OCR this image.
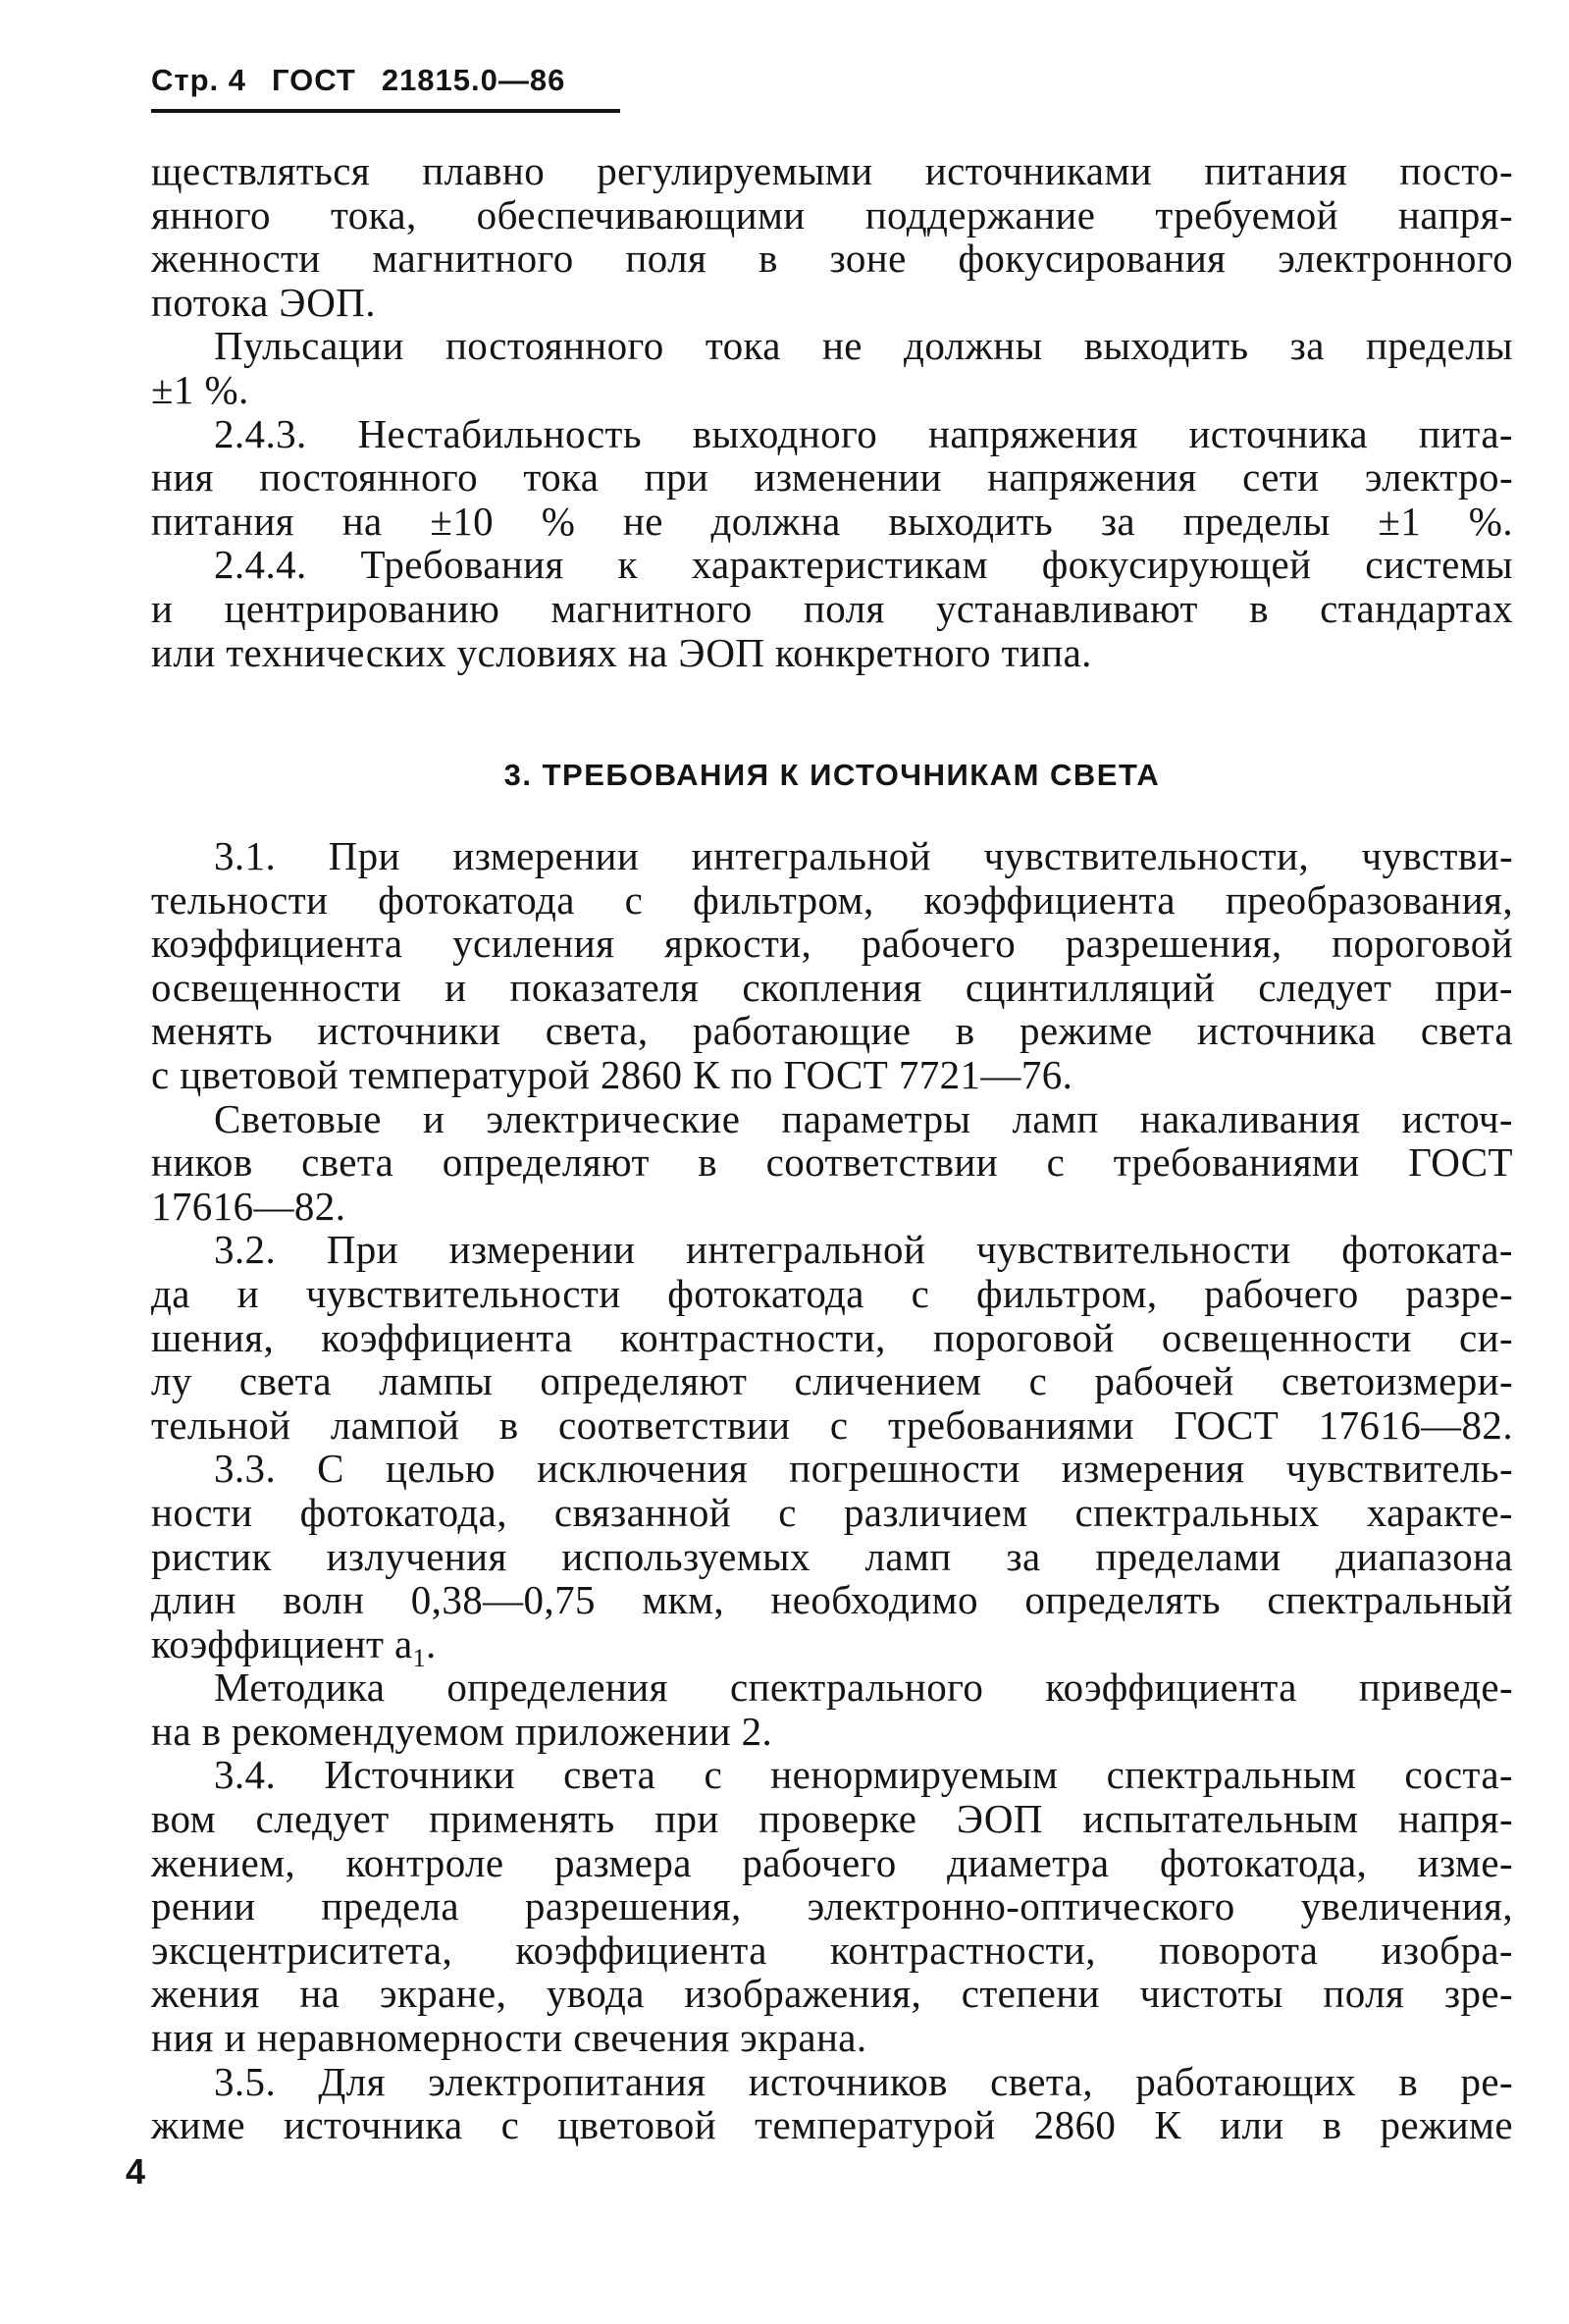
Стр. 4 ГОСТ 21815.0—86
ществляться плавно регулируемыми источниками питания посто-
янного тока, обеспечивающими поддержание требуемой напря-
женности магнитного поля в зоне фокусирования электронного
потока ЭОП.
Пульсации постоянного тока не должны выходить за пределы
±1 %.
2.4.3. Нестабильность выходного напряжения источника пита-
ния постоянного тока при изменении напряжения сети электро-
питания на ±10 % не должна выходить за пределы ±1 %.
2.4.4. Требования к характеристикам фокусирующей системы
и центрированию магнитного поля устанавливают в стандартах
или технических условиях на ЭОП конкретного типа.
3. ТРЕБОВАНИЯ К ИСТОЧНИКАМ СВЕТА
3.1. При измерении интегральной чувствительности, чувстви-
тельности фотокатода с фильтром, коэффициента преобразования,
коэффициента усиления яркости, рабочего разрешения, пороговой
освещенности и показателя скопления сцинтилляций следует при-
менять источники света, работающие в режиме источника света
с цветовой температурой 2860 К по ГОСТ 7721—76.
Световые и электрические параметры ламп накаливания источ-
ников света определяют в соответствии с требованиями ГОСТ
17616—82.
3.2. При измерении интегральной чувствительности фотоката-
да и чувствительности фотокатода с фильтром, рабочего разре-
шения, коэффициента контрастности, пороговой освещенности си-
лу света лампы определяют сличением с рабочей светоизмери-
тельной лампой в соответствии с требованиями ГОСТ 17616—82.
3.3. С целью исключения погрешности измерения чувствитель-
ности фотокатода, связанной с различием спектральных характе-
ристик излучения используемых ламп за пределами диапазона
длин волн 0,38—0,75 мкм, необходимо определять спектральный
коэффициент $a_1$.
Методика определения спектрального коэффициента приведе-
на в рекомендуемом приложении 2.
3.4. Источники света с ненормируемым спектральным соста-
вом следует применять при проверке ЭОП испытательным напря-
жением, контроле размера рабочего диаметра фотокатода, изме-
рении предела разрешения, электронно-оптического увеличения,
эксцентриситета, коэффициента контрастности, поворота изобра-
жения на экране, увода изображения, степени чистоты поля зре-
ния и неравномерности свечения экрана.
3.5. Для электропитания источников света, работающих в ре-
жиме источника с цветовой температурой 2860 К или в режиме
4
